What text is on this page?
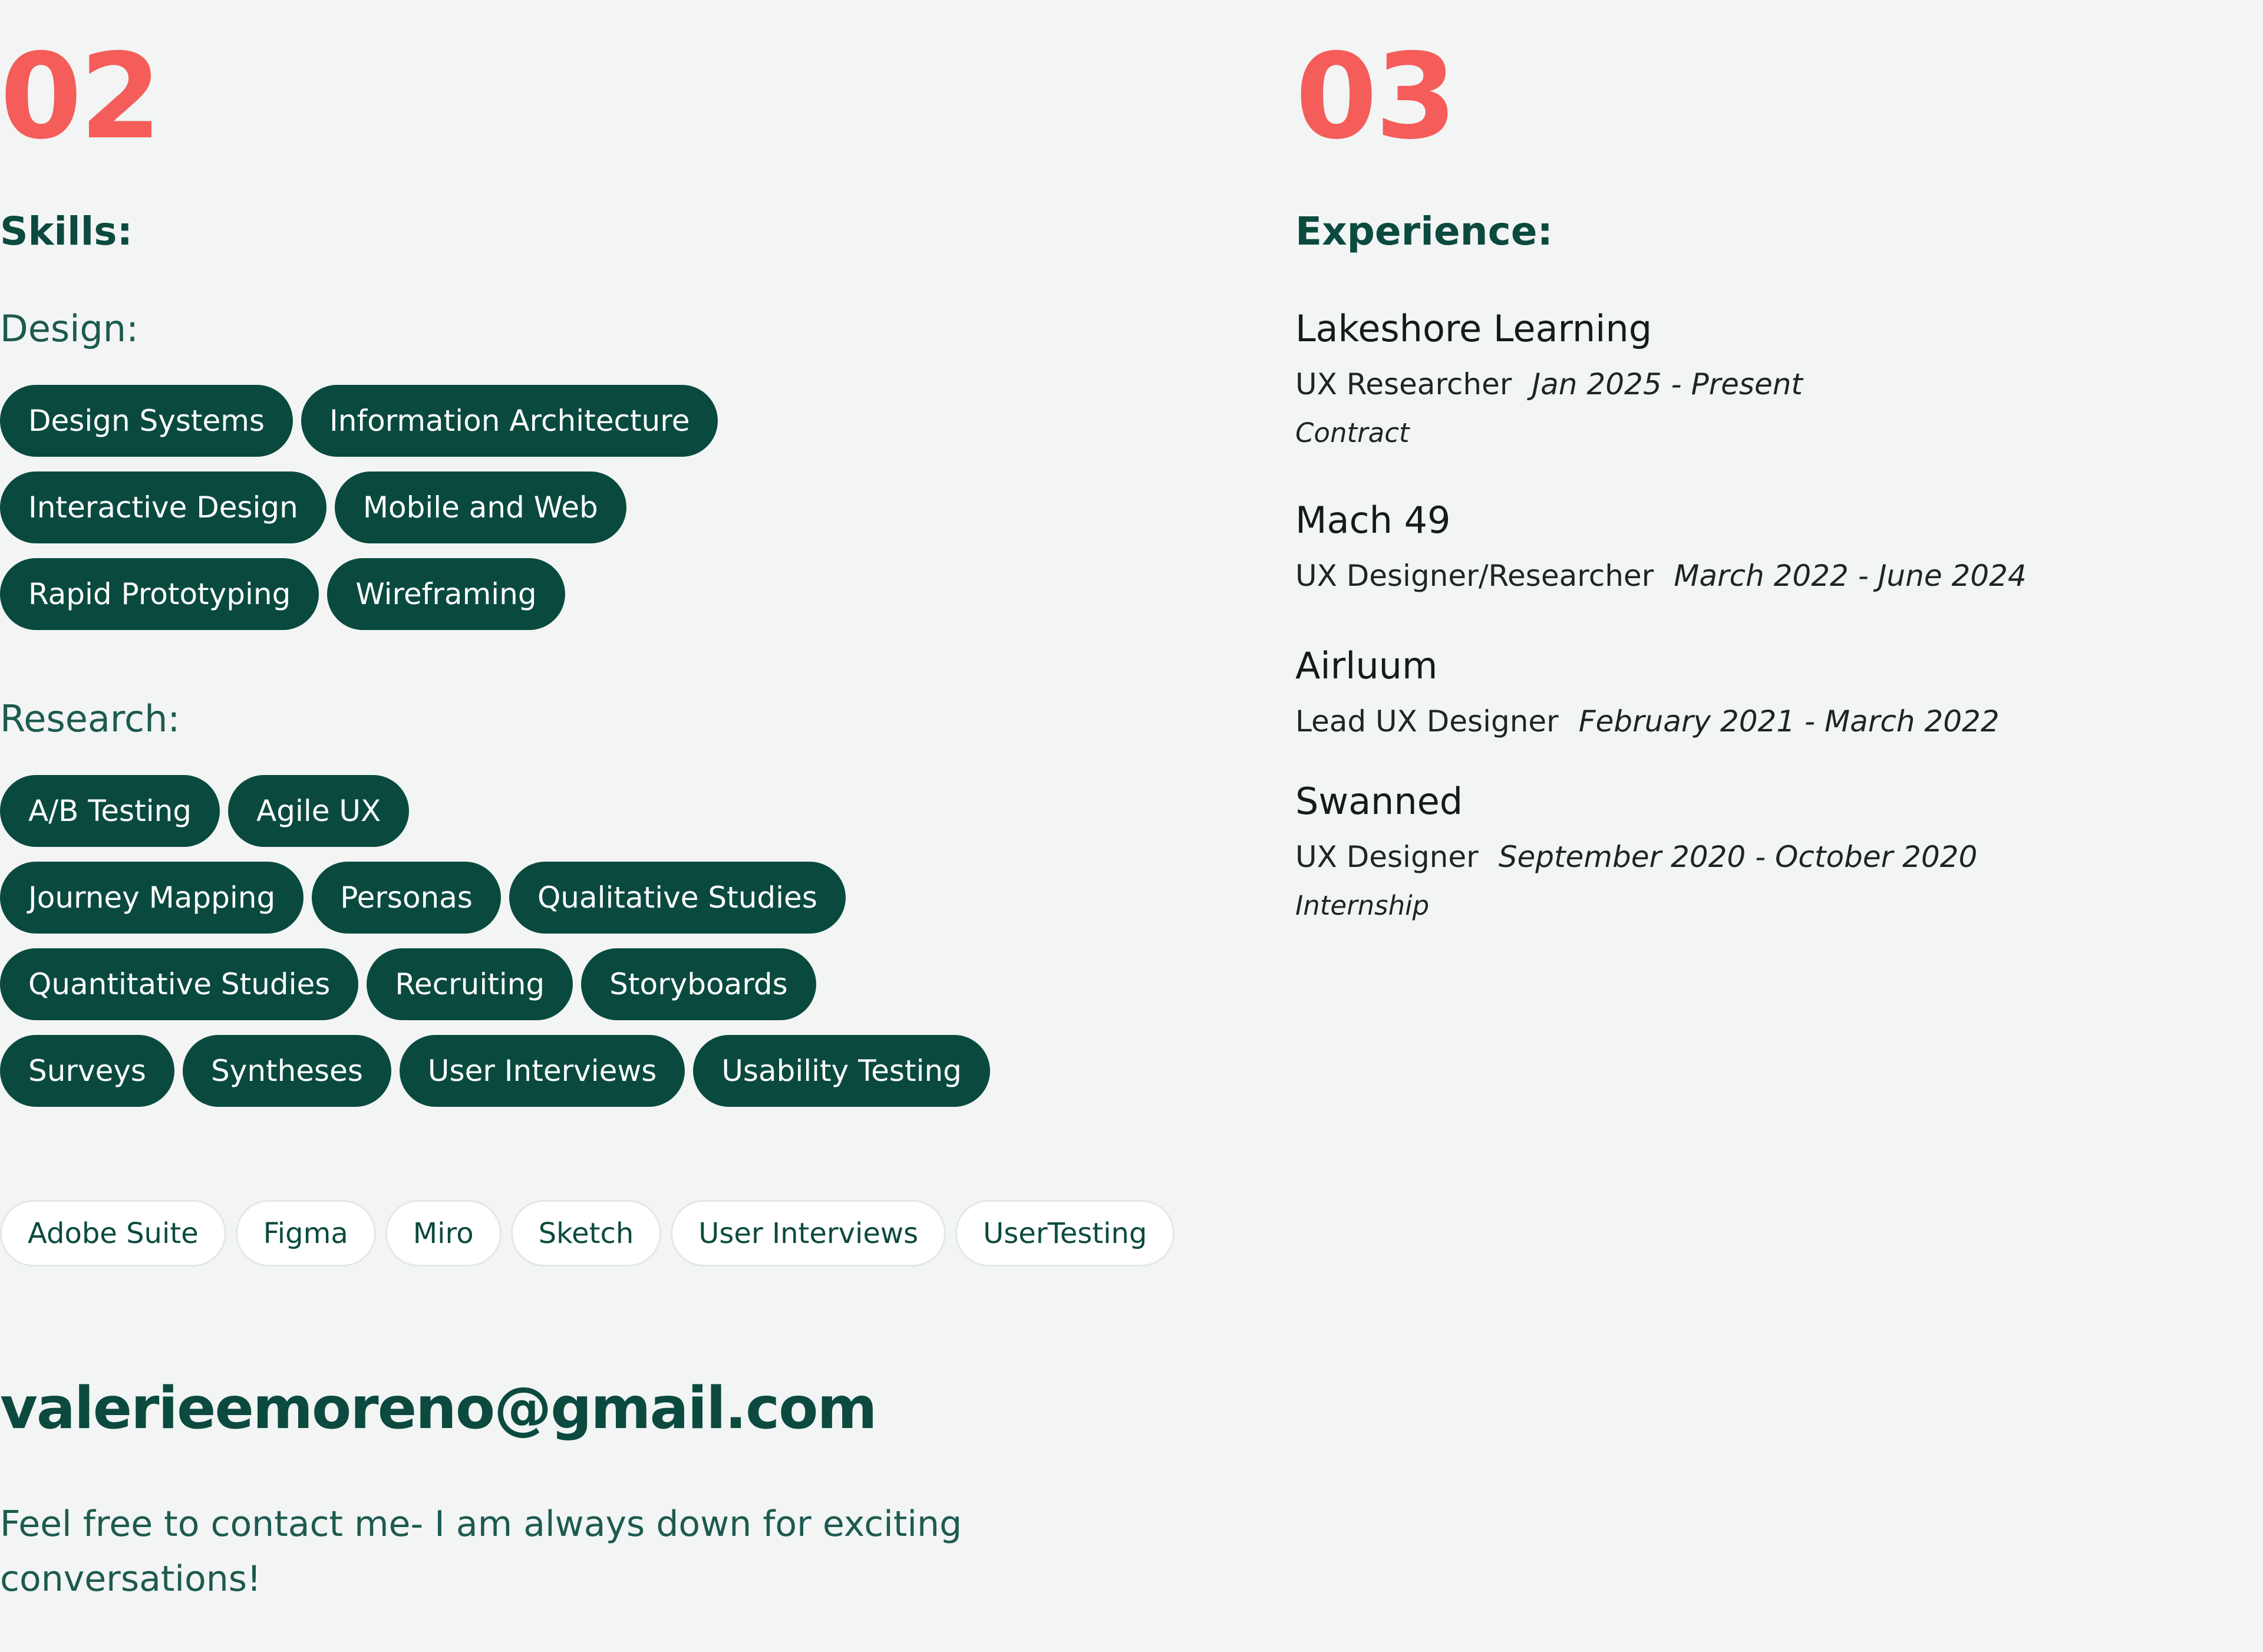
02
Skills:
Design:
Design Systems	Information Architecture
Interactive Design	Mobile and Web
Rapid Prototyping	Wireframing
Research:
A/B Testing	Agile UX
Journey Mapping	Personas	Qualitative Studies
Quantitative Studies	Recruiting	Storyboards
Surveys	Syntheses	User Interviews	Usability Testing
Adobe Suite	Figma	Miro	Sketch	User Interviews	UserTesting
valerieemoreno@gmail.com

Feel free to contact me- I am always down for exciting conversations!

03
Experience:

Lakeshore Learning

UX Researcher Jan 2025 - Present

Contract

Mach 49

UX Designer/Researcher March 2022 - June 2024

Airluum

Lead UX Designer February 2021 - March 2022

Swanned

UX Designer September 2020 - October 2020

Internship
